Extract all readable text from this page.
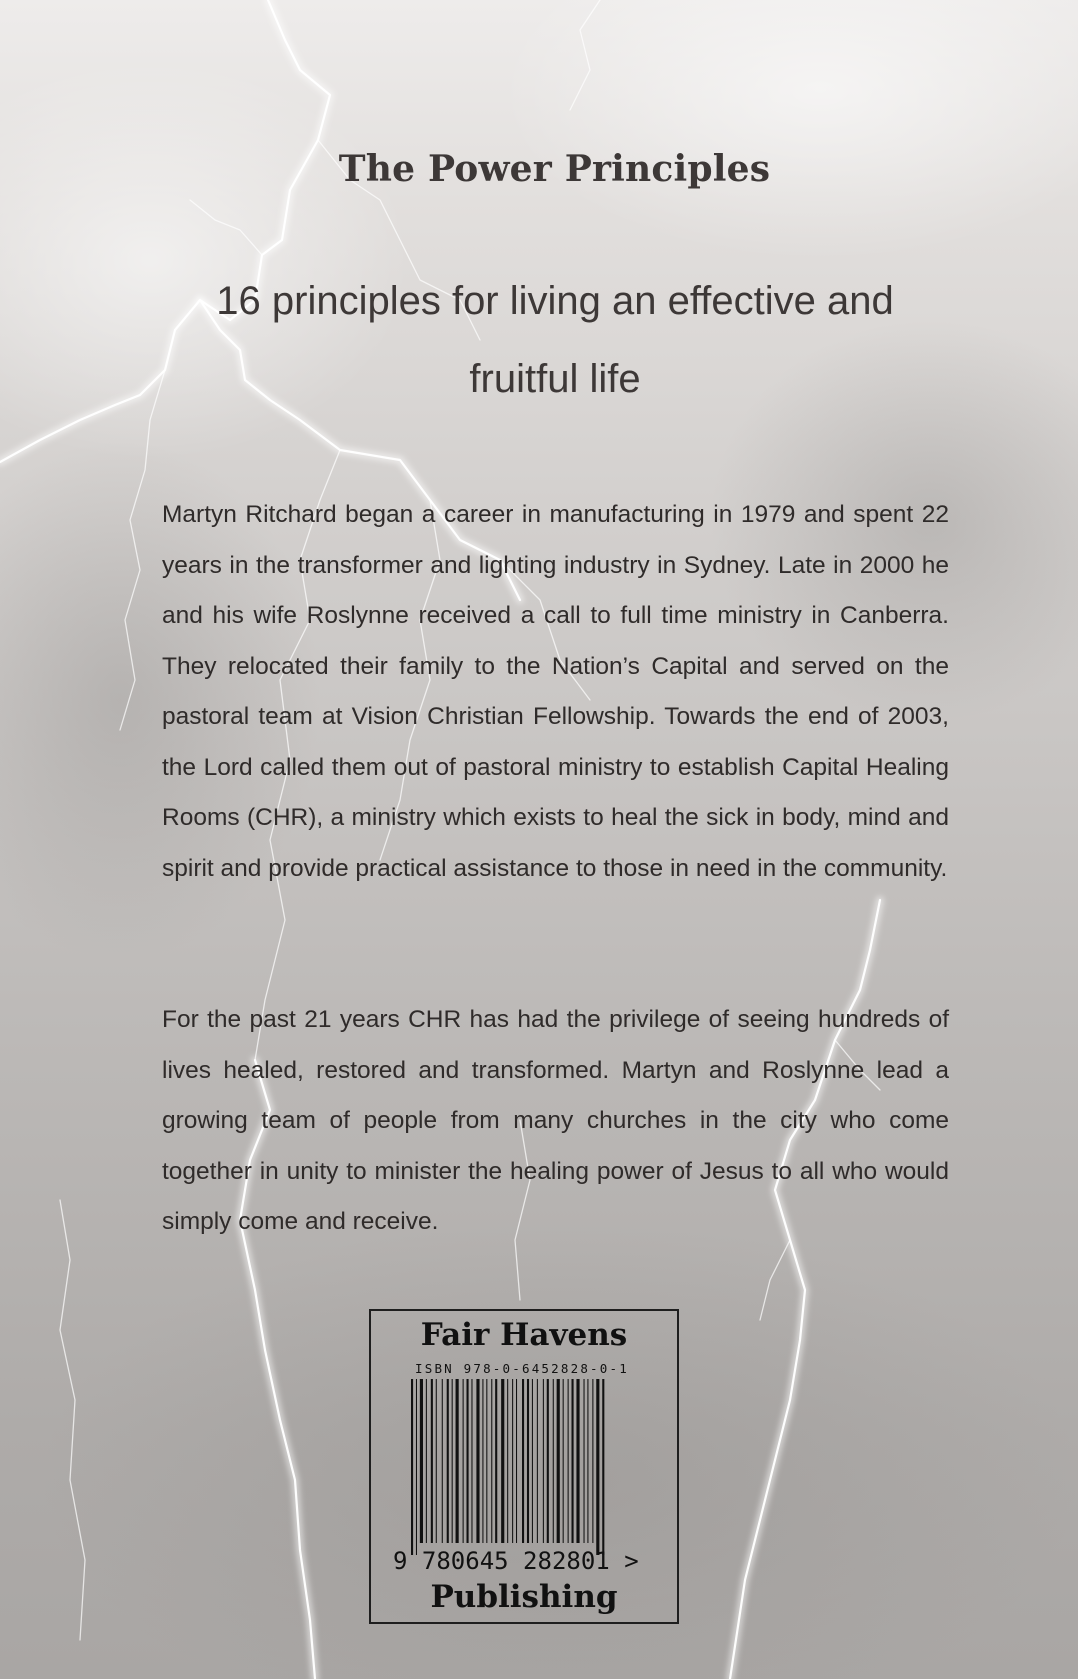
The Power Principles
16 principles for living an effective and fruitful life

Martyn Ritchard began a career in manufacturing in 1979 and spent 22 years in the transformer and lighting industry in Sydney. Late in 2000 he and his wife Roslynne received a call to full time ministry in Canberra. They relocated their family to the Nation’s Capital and served on the pastoral team at Vision Christian Fellowship. Towards the end of 2003, the Lord called them out of pastoral ministry to establish Capital Healing Rooms (CHR), a ministry which exists to heal the sick in body, mind and spirit and provide practical assistance to those in need in the community.

For the past 21 years CHR has had the privilege of seeing hundreds of lives healed, restored and transformed. Martyn and Roslynne lead a growing team of people from many churches in the city who come together in unity to minister the healing power of Jesus to all who would simply come and receive.

Fair Havens
ISBN 978-0-6452828-0-1
9 780645 282801 >
Publishing
